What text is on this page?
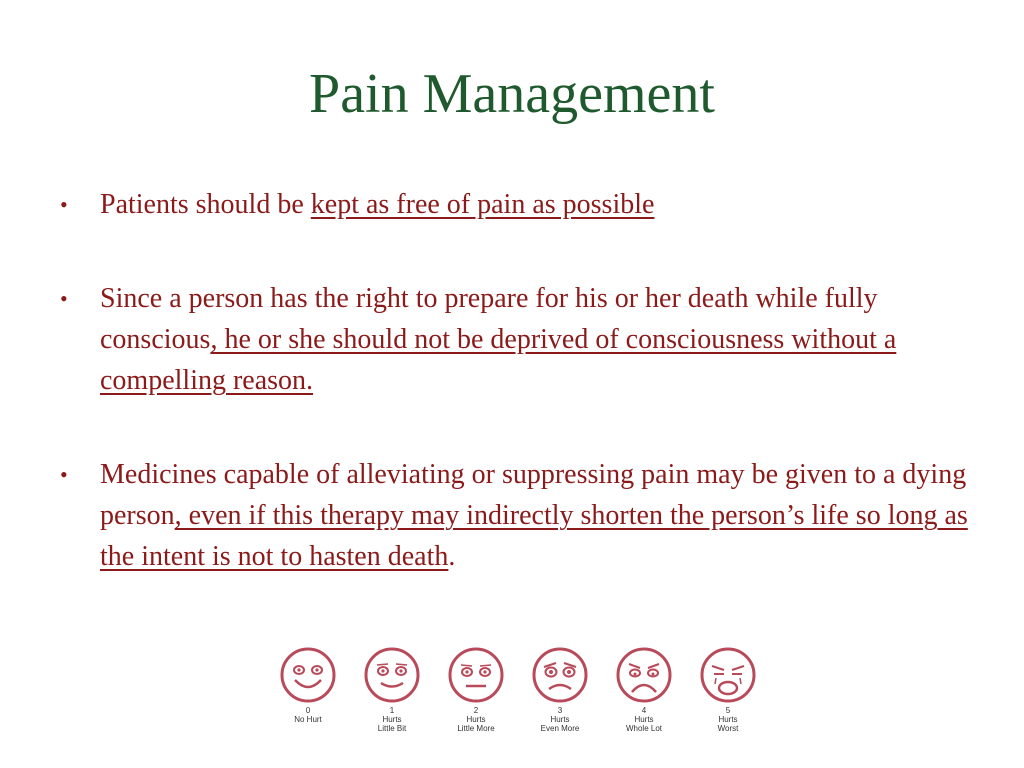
Pain Management
• Patients should be kept as free of pain as possible
• Since a person has the right to prepare for his or her death while fully conscious, he or she should not be deprived of consciousness without a compelling reason.
• Medicines capable of alleviating or suppressing pain may be given to a dying person, even if this therapy may indirectly shorten the person’s life so long as the intent is not to hasten death.
0
No Hurt
1
Hurts
Little Bit
2
Hurts
Little More
3
Hurts
Even More
4
Hurts
Whole Lot
5
Hurts
Worst
